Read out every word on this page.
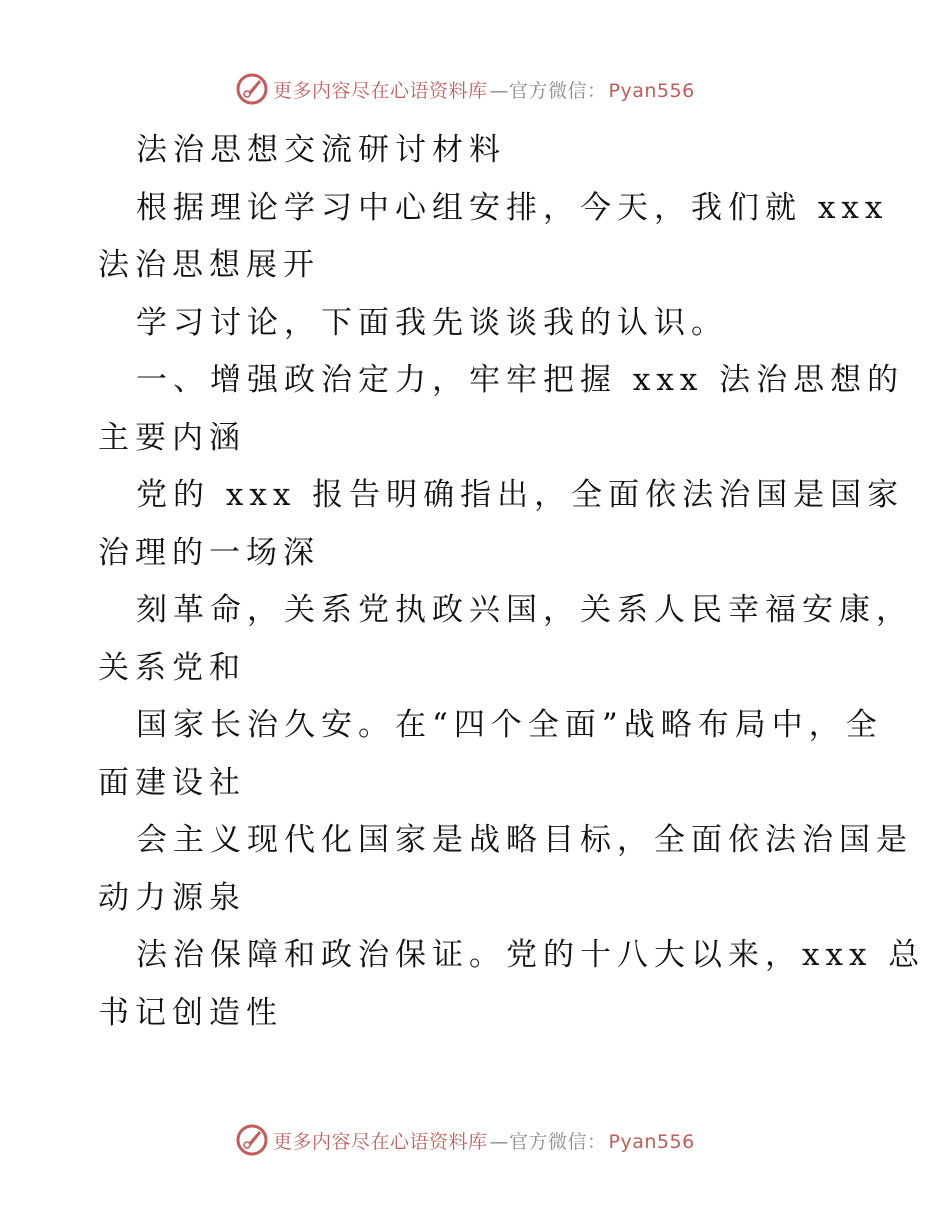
更多内容尽在心语资料库 —官方微信： Pyan556

法治思想交流研讨材料

根据理论学习中心组安排，今天，我们就 xxx
法治思想展开

学习讨论，下面我先谈谈我的认识。

一、增强政治定力，牢牢把握 xxx 法治思想的
主要内涵

党的 xxx 报告明确指出，全面依法治国是国家
治理的一场深

刻革命，关系党执政兴国，关系人民幸福安康，
关系党和

国家长治久安。在“四个全面”战略布局中，全
面建设社

会主义现代化国家是战略目标，全面依法治国是
动力源泉

法治保障和政治保证。党的十八大以来，xxx 总
书记创造性

更多内容尽在心语资料库 —官方微信： Pyan556
